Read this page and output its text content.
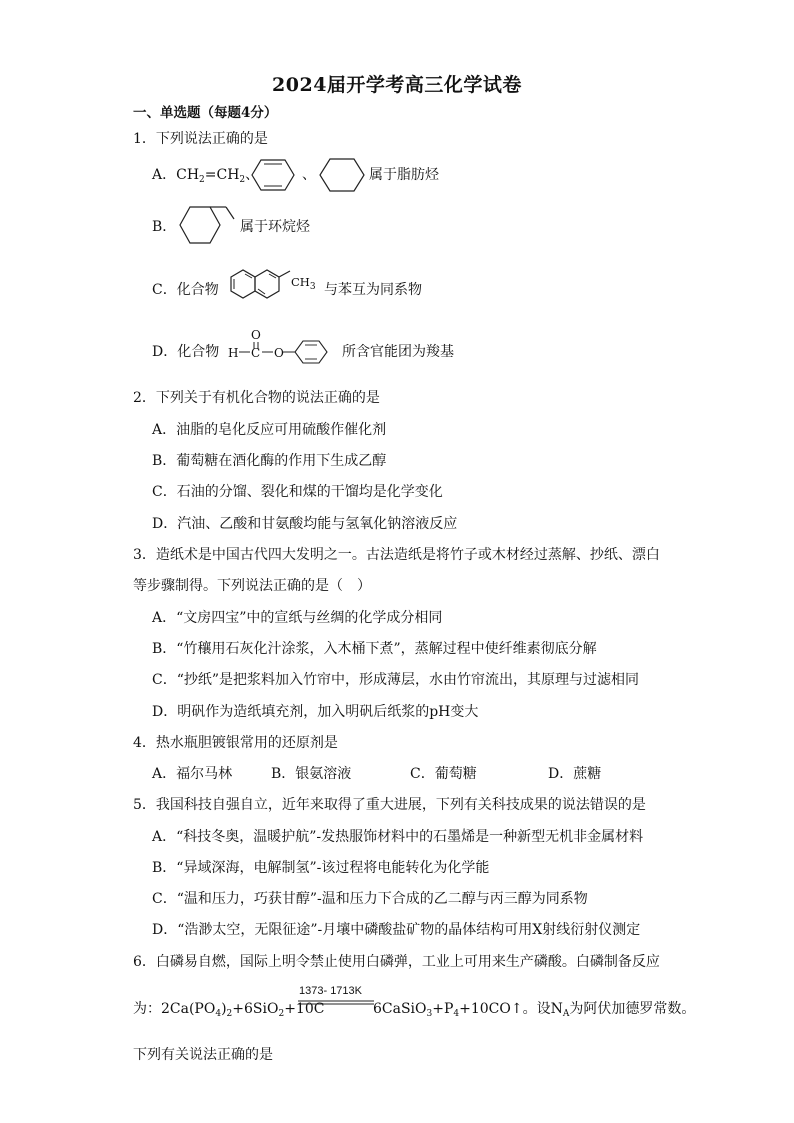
2024届开学考高三化学试卷
一、单选题（每题4分）
1．下列说法正确的是
A．$CH_2=CH_2$、	、	属于脂肪烃
B．	属于环烷烃
C．化合物	$CH_3$ 与苯互为同系物
D．化合物
O
H C O	所含官能团为羧基
2．下列关于有机化合物的说法正确的是
A．油脂的皂化反应可用硫酸作催化剂
B．葡萄糖在酒化酶的作用下生成乙醇
C．石油的分馏、裂化和煤的干馏均是化学变化
D．汽油、乙酸和甘氨酸均能与氢氧化钠溶液反应
3．造纸术是中国古代四大发明之一。古法造纸是将竹子或木材经过蒸解、抄纸、漂白
等步骤制得。下列说法正确的是（　）
A．“文房四宝”中的宣纸与丝绸的化学成分相同
B．“竹穰用石灰化汁涂浆，入木桶下煮”，蒸解过程中使纤维素彻底分解
C．“抄纸”是把浆料加入竹帘中，形成薄层，水由竹帘流出，其原理与过滤相同
D．明矾作为造纸填充剂，加入明矾后纸浆的pH变大
4．热水瓶胆镀银常用的还原剂是
A．福尔马林	B．银氨溶液	C．葡萄糖	D．蔗糖
5．我国科技自强自立，近年来取得了重大进展，下列有关科技成果的说法错误的是
A．“科技冬奥，温暖护航”-发热服饰材料中的石墨烯是一种新型无机非金属材料
B．“异域深海，电解制氢”-该过程将电能转化为化学能
C．“温和压力，巧获甘醇”-温和压力下合成的乙二醇与丙三醇为同系物
D．“浩渺太空，无限征途”-月壤中磷酸盐矿物的晶体结构可用X射线衍射仪测定
6．白磷易自燃，国际上明令禁止使用白磷弹，工业上可用来生产磷酸。白磷制备反应
为：$2Ca(PO_4)_2+6SiO_2+10C$
1373- 1713K
$6CaSiO_3+P_4+10CO↑$。设$N_A$为阿伏加德罗常数。
下列有关说法正确的是
